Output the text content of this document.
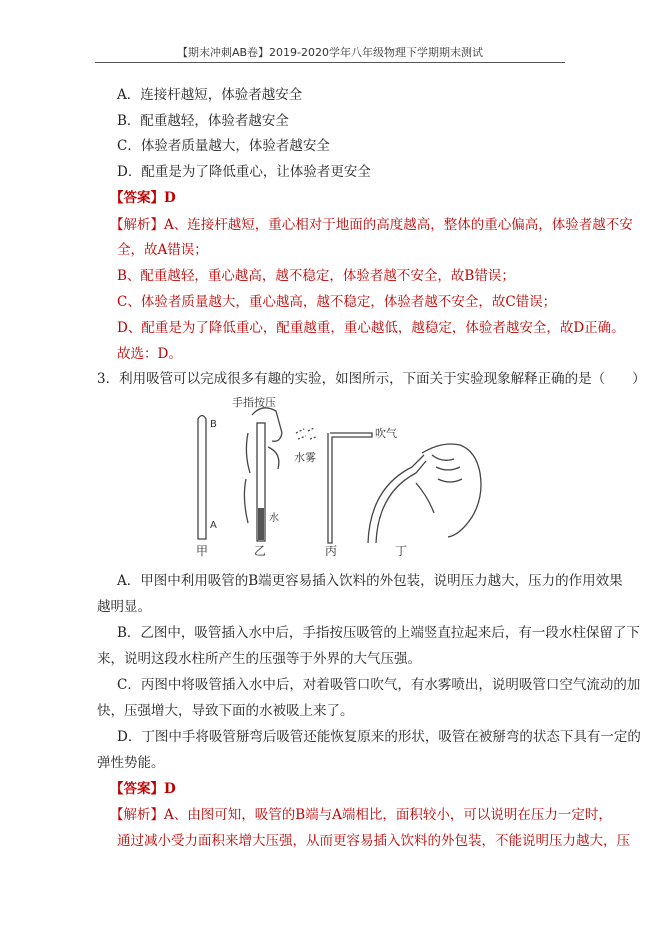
【期末冲刺AB卷】2019-2020学年八年级物理下学期期末测试
A．连接杆越短，体验者越安全
B．配重越轻，体验者越安全
C．体验者质量越大，体验者越安全
D．配重是为了降低重心，让体验者更安全
【答案】D
【解析】A、连接杆越短，重心相对于地面的高度越高，整体的重心偏高，体验者越不安
全，故A错误；
B、配重越轻，重心越高，越不稳定，体验者越不安全，故B错误；
C、体验者质量越大，重心越高，越不稳定，体验者越不安全，故C错误；
D、配重是为了降低重心，配重越重，重心越低，越稳定，体验者越安全，故D正确。
故选：D。
3．利用吸管可以完成很多有趣的实验，如图所示，下面关于实验现象解释正确的是（　　）
B
A
甲
手指按压
水
乙
吹气
水雾
丙	丁
A．甲图中利用吸管的B端更容易插入饮料的外包装，说明压力越大，压力的作用效果
越明显。
B．乙图中，吸管插入水中后，手指按压吸管的上端竖直拉起来后，有一段水柱保留了下
来，说明这段水柱所产生的压强等于外界的大气压强。
C．丙图中将吸管插入水中后，对着吸管口吹气，有水雾喷出，说明吸管口空气流动的加
快，压强增大，导致下面的水被吸上来了。
D．丁图中手将吸管掰弯后吸管还能恢复原来的形状，吸管在被掰弯的状态下具有一定的
弹性势能。
【答案】D
【解析】A、由图可知，吸管的B端与A端相比，面积较小，可以说明在压力一定时，
通过减小受力面积来增大压强，从而更容易插入饮料的外包装，不能说明压力越大，压
